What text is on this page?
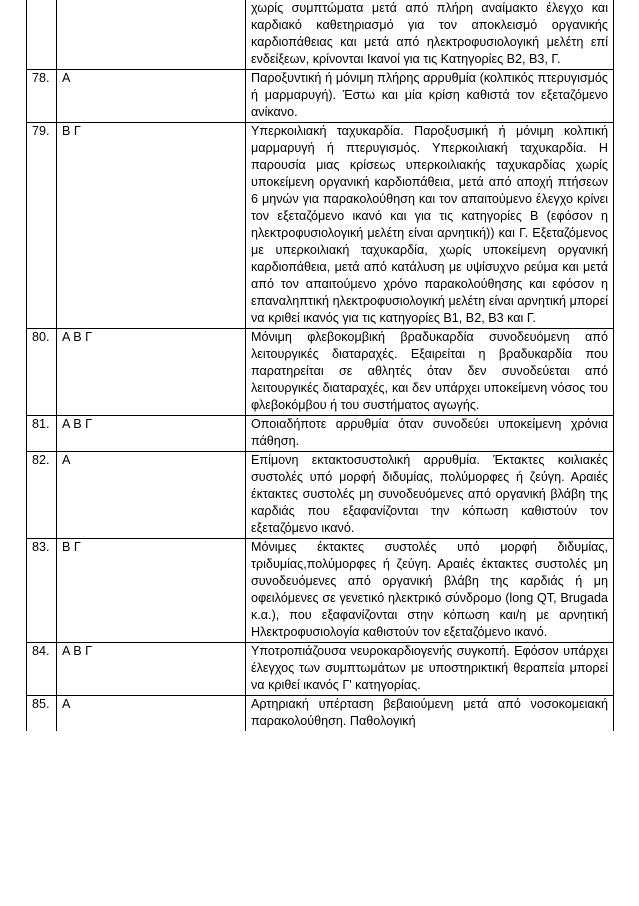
		χωρίς συμπτώματα μετά από πλήρη αναίμακτο έλεγχο και καρδιακό καθετηριασμό για τον αποκλεισμό οργανικής καρδιοπάθειας και μετά από ηλεκτροφυσιολογική μελέτη επί ενδείξεων, κρίνονται Ικανοί για τις Κατηγορίες B2, B3, Γ.
78.	Α	Παροξυντική ή μόνιμη πλήρης αρρυθμία (κολπικός πτερυγισμός ή μαρμαρυγή). Έστω και μία κρίση καθιστά τον εξεταζόμενο ανίκανο.
79.	Β Γ	Υπερκοιλιακή ταχυκαρδία. Παροξυσμική ή μόνιμη κολπική μαρμαρυγή ή πτερυγισμός. Υπερκοιλιακή ταχυκαρδία. Η παρουσία μιας κρίσεως υπερκοιλιακής ταχυκαρδίας χωρίς υποκείμενη οργανική καρδιοπάθεια, μετά από αποχή πτήσεων 6 μηνών για παρακολούθηση και τον απαιτούμενο έλεγχο κρίνει τον εξεταζόμενο ικανό και για τις κατηγορίες Β (εφόσον η ηλεκτροφυσιολογική μελέτη είναι αρνητική)) και Γ. Εξεταζόμενος με υπερκοιλιακή ταχυκαρδία, χωρίς υποκείμενη οργανική καρδιοπάθεια, μετά από κατάλυση με υψίσυχνο ρεύμα και μετά από τον απαιτούμενο χρόνο παρακολούθησης και εφόσον η επαναληπτική ηλεκτροφυσιολογική μελέτη είναι αρνητική μπορεί να κριθεί ικανός για τις κατηγορίες B1, B2, B3 και Γ.
80.	Α Β Γ	Μόνιμη φλεβοκομβική βραδυκαρδία συνοδευόμενη από λειτουργικές διαταραχές. Εξαιρείται η βραδυκαρδία που παρατηρείται σε αθλητές όταν δεν συνοδεύεται από λειτουργικές διαταραχές, και δεν υπάρχει υποκείμενη νόσος του φλεβοκόμβου ή του συστήματος αγωγής.
81.	Α Β Γ	Οποιαδήποτε αρρυθμία όταν συνοδεύει υποκείμενη χρόνια πάθηση.
82.	Α	Επίμονη εκτακτοσυστολική αρρυθμία. Έκτακτες κοιλιακές συστολές υπό μορφή διδυμίας, πολύμορφες ή ζεύγη. Αραιές έκτακτες συστολές μη συνοδευόμενες από οργανική βλάβη της καρδιάς που εξαφανίζονται την κόπωση καθιστούν τον εξεταζόμενο ικανό.
83.	Β Γ	Μόνιμες έκτακτες συστολές υπό μορφή διδυμίας, τριδυμίας,πολύμορφες ή ζεύγη. Αραιές έκτακτες συστολές μη συνοδευόμενες από οργανική βλάβη της καρδιάς ή μη οφειλόμενες σε γενετικό ηλεκτρικό σύνδρομο (long QT, Brugada κ.α.), που εξαφανίζονται στην κόπωση και/η με αρνητική Ηλεκτροφυσιολογία καθιστούν τον εξεταζόμενο ικανό.
84.	Α Β Γ	Υποτροπιάζουσα νευροκαρδιογενής συγκοπή. Εφόσον υπάρχει έλεγχος των συμπτωμάτων με υποστηρικτική θεραπεία μπορεί να κριθεί ικανός Γ' κατηγορίας.
85.	Α	Αρτηριακή υπέρταση βεβαιούμενη μετά από νοσοκομειακή παρακολούθηση. Παθολογική
